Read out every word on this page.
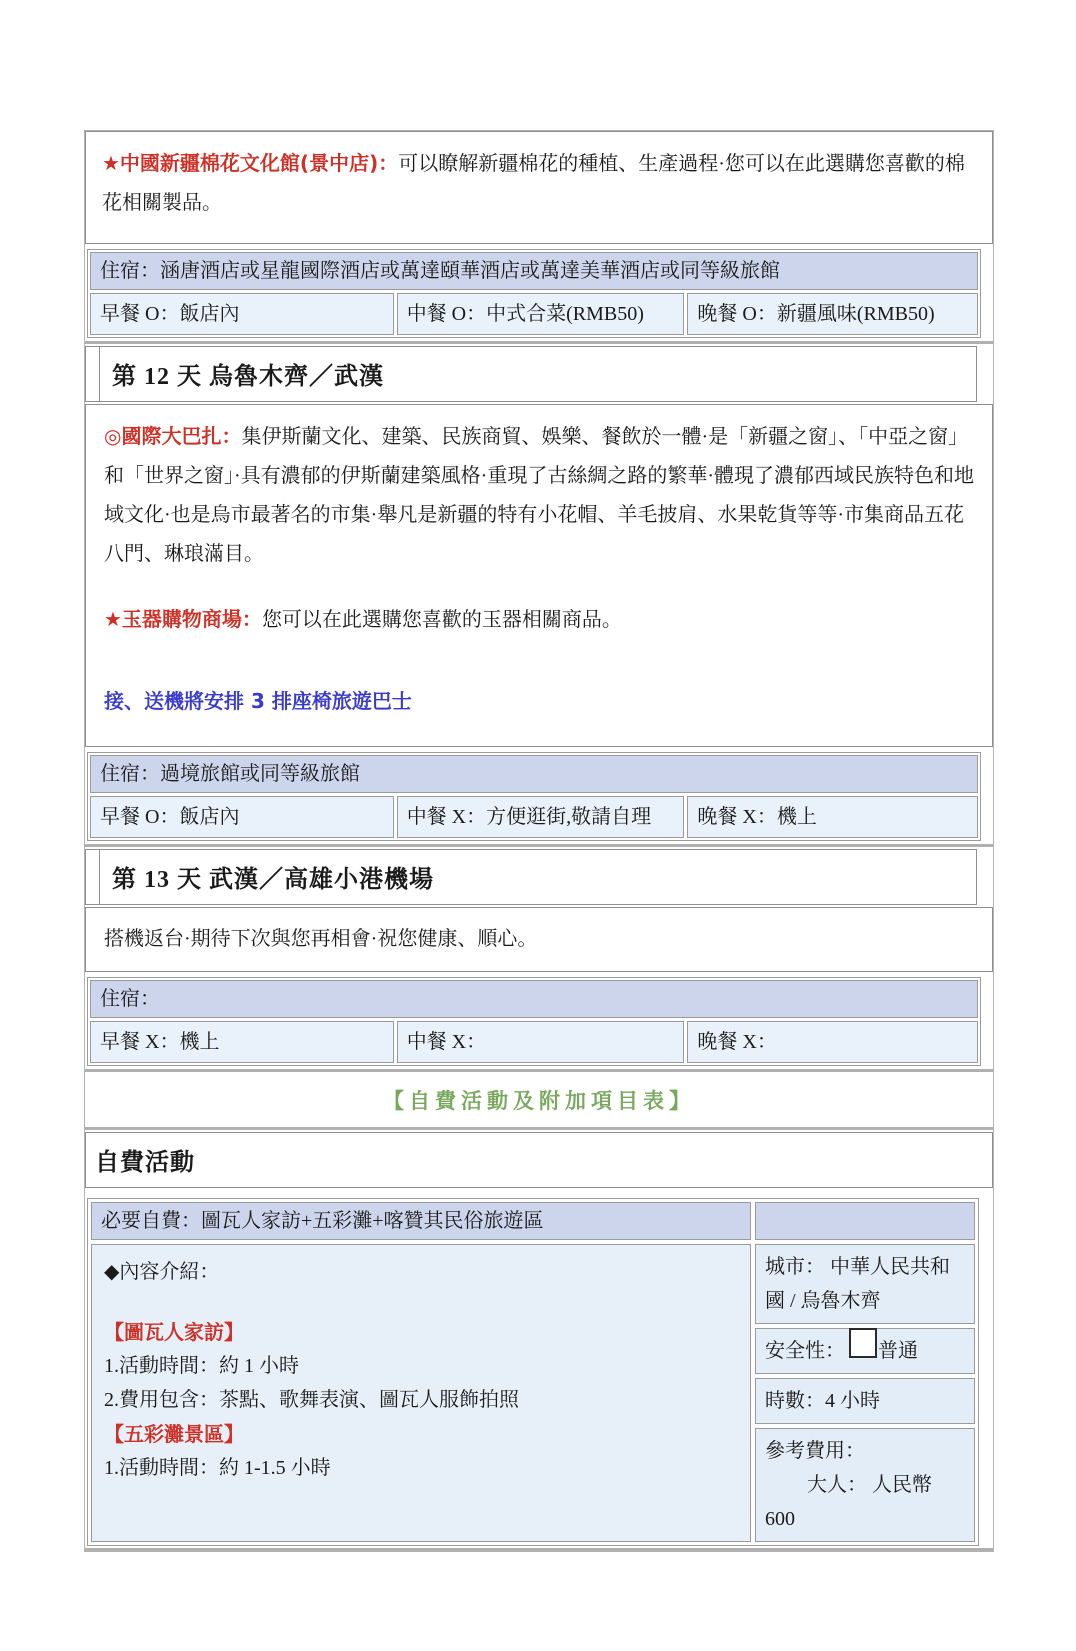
★中國新疆棉花文化館(景中店)：可以瞭解新疆棉花的種植、生產過程·您可以在此選購您喜歡的棉花相關製品。
住宿：涵唐酒店或星龍國際酒店或萬達頤華酒店或萬達美華酒店或同等級旅館
早餐 O：飯店內	中餐 O：中式合菜(RMB50)	晚餐 O：新疆風味(RMB50)
第 12 天 烏魯木齊／武漢
◎國際大巴扎：集伊斯蘭文化、建築、民族商貿、娛樂、餐飲於一體·是「新疆之窗」、「中亞之窗」和「世界之窗」·具有濃郁的伊斯蘭建築風格·重現了古絲綢之路的繁華·體現了濃郁西域民族特色和地域文化·也是烏市最著名的市集·舉凡是新疆的特有小花帽、羊毛披肩、水果乾貨等等·市集商品五花八門、琳琅滿目。
★玉器購物商場：您可以在此選購您喜歡的玉器相關商品。
接、送機將安排 3 排座椅旅遊巴士
住宿：過境旅館或同等級旅館
早餐 O：飯店內	中餐 X：方便逛街,敬請自理	晚餐 X：機上
第 13 天 武漢／高雄小港機場
搭機返台·期待下次與您再相會·祝您健康、順心。
住宿：
早餐 X：機上	中餐 X：	晚餐 X：
【自費活動及附加項目表】
自費活動
必要自費：圖瓦人家訪+五彩灘+喀贊其民俗旅遊區
◆內容介紹：
【圖瓦人家訪】
1.活動時間：約 1 小時
2.費用包含：茶點、歌舞表演、圖瓦人服飾拍照
【五彩灘景區】
1.活動時間：約 1-1.5 小時
城市： 中華人民共和國 / 烏魯木齊
安全性： 普通
時數：4 小時
參考費用：
大人： 人民幣
600
